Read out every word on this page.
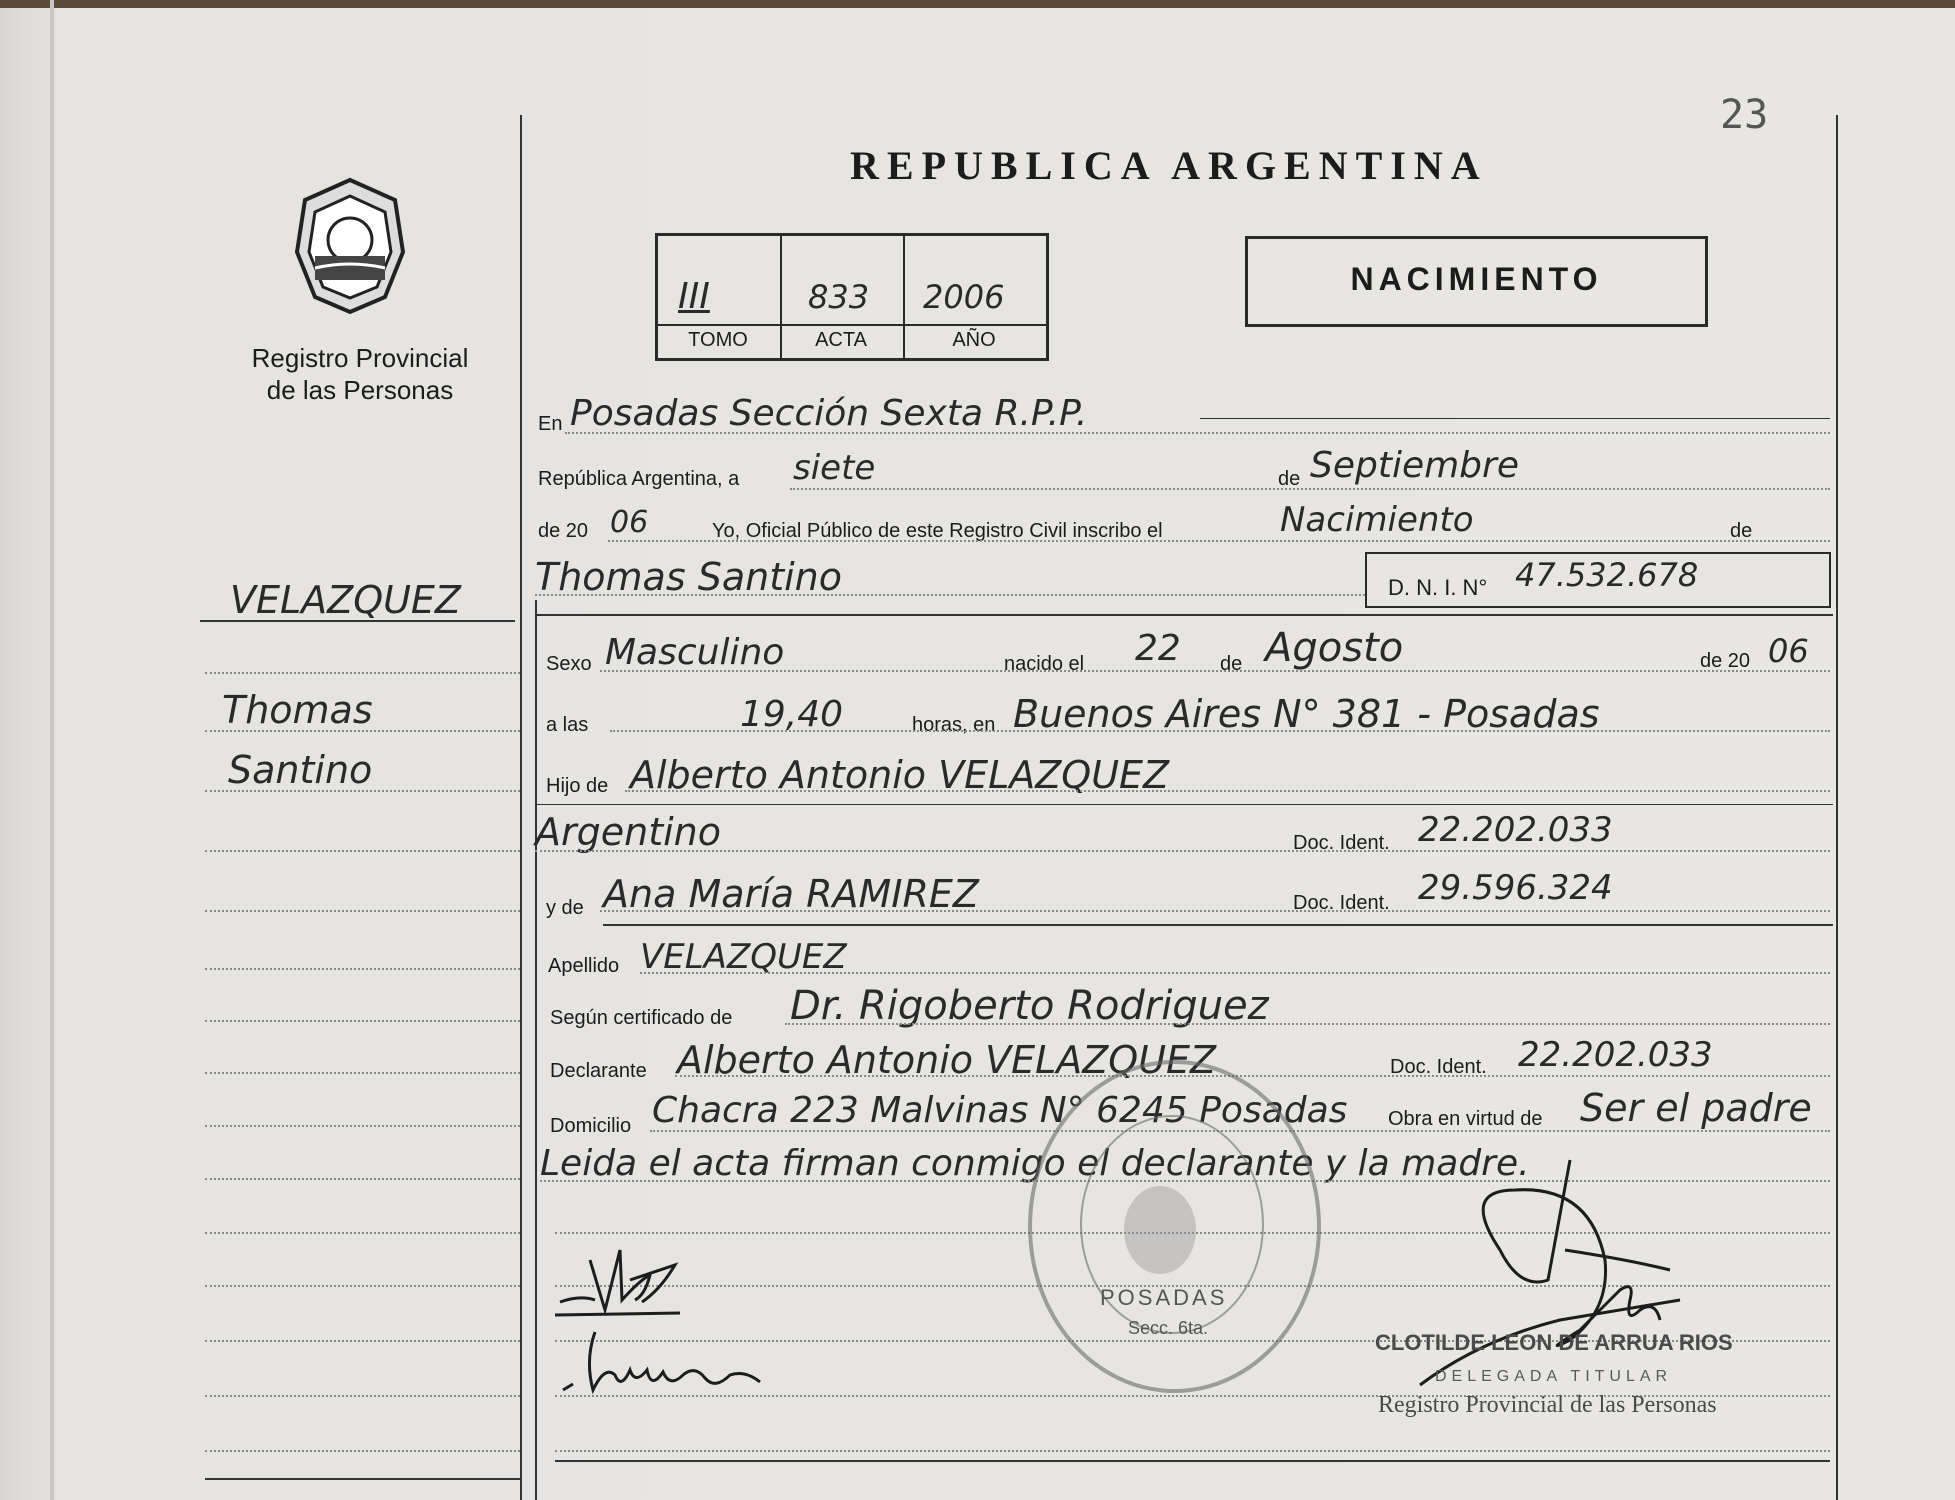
23
Registro Provincial
de las Personas
REPUBLICA ARGENTINA
III	833 2006
TOMO	ACTA	AÑO
NACIMIENTO
VELAZQUEZ
Thomas
Santino
En Posadas Sección Sexta R.P.P.
República Argentina, a siete	de Septiembre
de 20 06	Yo, Oficial Público de este Registro Civil inscribo el	Nacimiento	de
Thomas Santino	D. N. I. N° 47.532.678
Sexo Masculino	nacido el 22 de Agosto	de 20 06
a las	19,40	horas, en Buenos Aires N° 381 - Posadas
Hijo de Alberto Antonio VELAZQUEZ
Argentino	Doc. Ident. 22.202.033
y de Ana María RAMIREZ	Doc. Ident. 29.596.324
Apellido VELAZQUEZ
Según certificado de Dr. Rigoberto Rodriguez
Declarante Alberto Antonio VELAZQUEZ	Doc. Ident. 22.202.033
Domicilio Chacra 223 Malvinas N° 6245 Posadas Obra en virtud de Ser el padre
Leida el acta firman conmigo el declarante y la madre.
POSADAS
Secc. 6ta.
CLOTILDE LEON DE ARRUA RIOS
DELEGADA TITULAR
Registro Provincial de las Personas
